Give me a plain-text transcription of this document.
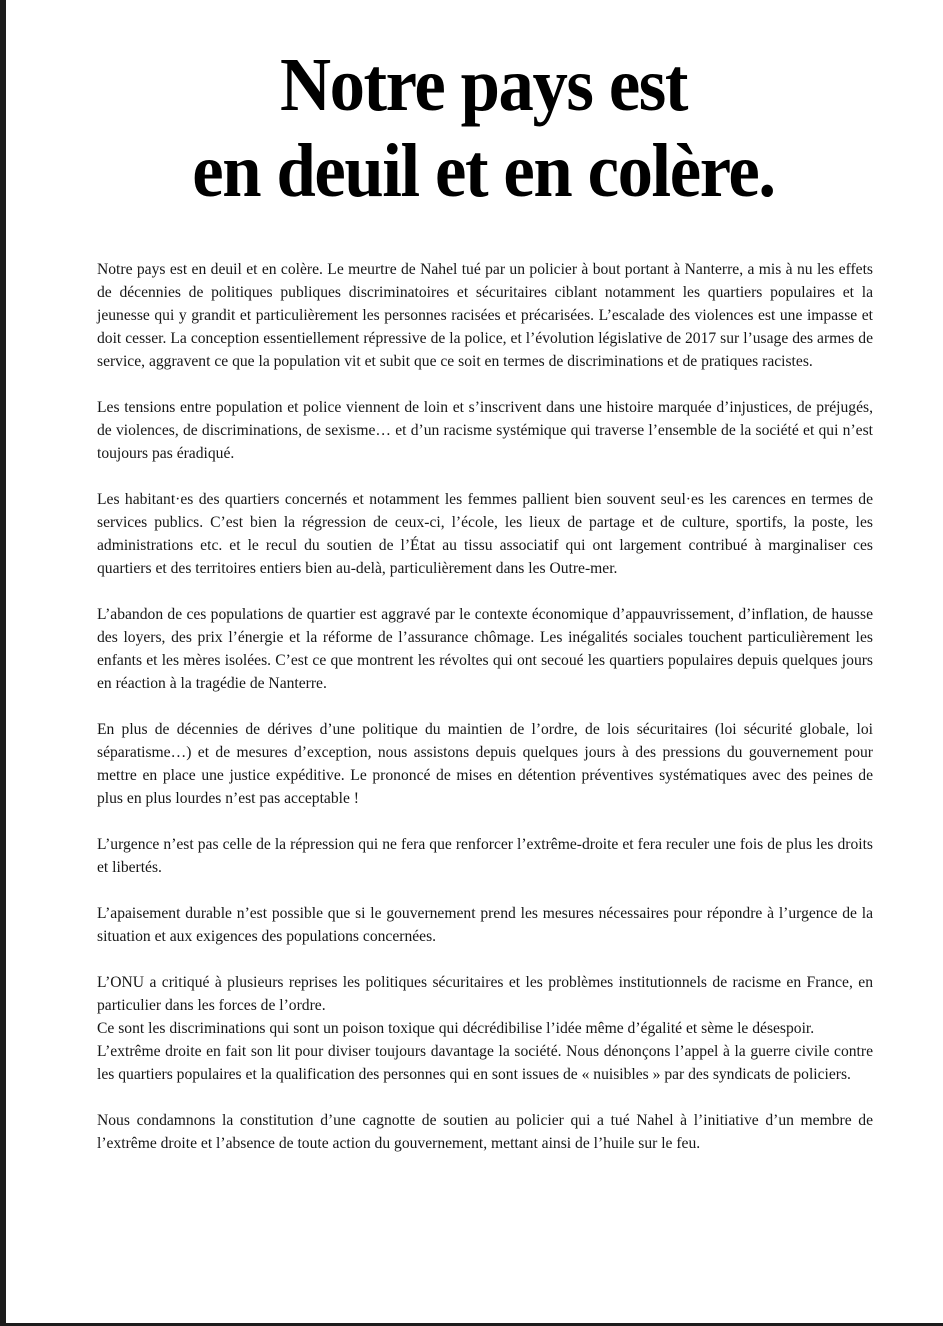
Notre pays est
en deuil et en colère.

Notre pays est en deuil et en colère. Le meurtre de Nahel tué par un policier à bout portant à Nanterre, a mis à nu les effets de décennies de politiques publiques discriminatoires et sécuritaires ciblant notamment les quartiers populaires et la jeunesse qui y grandit et particulièrement les personnes racisées et précarisées. L’escalade des violences est une impasse et doit cesser. La conception essentiellement répressive de la police, et l’évolution législative de 2017 sur l’usage des armes de service, aggravent ce que la population vit et subit que ce soit en termes de discriminations et de pratiques racistes.

Les tensions entre population et police viennent de loin et s’inscrivent dans une histoire marquée d’injustices, de préjugés, de violences, de discriminations, de sexisme… et d’un racisme systémique qui traverse l’ensemble de la société et qui n’est toujours pas éradiqué.

Les habitant·es des quartiers concernés et notamment les femmes pallient bien souvent seul·es les carences en termes de services publics. C’est bien la régression de ceux-ci, l’école, les lieux de partage et de culture, sportifs, la poste, les administrations etc. et le recul du soutien de l’État au tissu associatif qui ont largement contribué à marginaliser ces quartiers et des territoires entiers bien au-delà, particulièrement dans les Outre-mer.

L’abandon de ces populations de quartier est aggravé par le contexte économique d’appauvrissement, d’inflation, de hausse des loyers, des prix l’énergie et la réforme de l’assurance chômage. Les inégalités sociales touchent particulièrement les enfants et les mères isolées. C’est ce que montrent les révoltes qui ont secoué les quartiers populaires depuis quelques jours en réaction à la tragédie de Nanterre.

En plus de décennies de dérives d’une politique du maintien de l’ordre, de lois sécuritaires (loi sécurité globale, loi séparatisme…) et de mesures d’exception, nous assistons depuis quelques jours à des pressions du gouvernement pour mettre en place une justice expéditive. Le prononcé de mises en détention préventives systématiques avec des peines de plus en plus lourdes n’est pas acceptable !

L’urgence n’est pas celle de la répression qui ne fera que renforcer l’extrême-droite et fera reculer une fois de plus les droits et libertés.

L’apaisement durable n’est possible que si le gouvernement prend les mesures nécessaires pour répondre à l’urgence de la situation et aux exigences des populations concernées.

L’ONU a critiqué à plusieurs reprises les politiques sécuritaires et les problèmes institutionnels de racisme en France, en particulier dans les forces de l’ordre.
Ce sont les discriminations qui sont un poison toxique qui décrédibilise l’idée même d’égalité et sème le désespoir.
L’extrême droite en fait son lit pour diviser toujours davantage la société. Nous dénonçons l’appel à la guerre civile contre les quartiers populaires et la qualification des personnes qui en sont issues de « nuisibles » par des syndicats de policiers.

Nous condamnons la constitution d’une cagnotte de soutien au policier qui a tué Nahel à l’initiative d’un membre de l’extrême droite et l’absence de toute action du gouvernement, mettant ainsi de l’huile sur le feu.
